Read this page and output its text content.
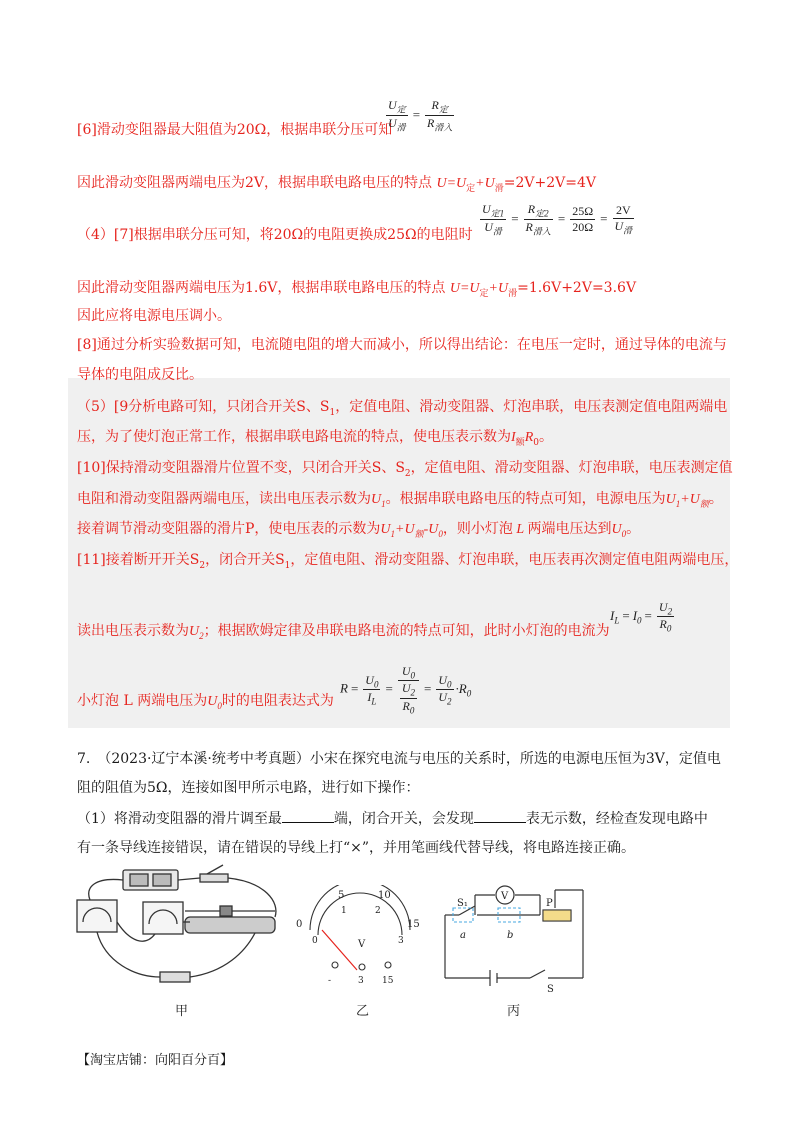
[6]滑动变阻器最大阻值为20Ω，根据串联分压可知
$\frac{U_定}{U_滑} = \frac{R_定}{R_{滑入}}$
因此滑动变阻器两端电压为2V，根据串联电路电压的特点 $U=U_定+U_滑=2V+2V=4V$
（4）[7]根据串联分压可知，将20Ω的电阻更换成25Ω的电阻时 $\frac{U_{定1}}{U_滑} = \frac{R_{定2}}{R_{滑入}} = \frac{25\Omega}{20\Omega} = \frac{2V}{U_滑}$
因此滑动变阻器两端电压为1.6V，根据串联电路电压的特点 $U=U_定+U_滑=1.6V+2V=3.6V$
因此应将电源电压调小。
[8]通过分析实验数据可知，电流随电阻的增大而减小，所以得出结论：在电压一定时，通过导体的电流与
导体的电阻成反比。
（5）[9分析电路可知，只闭合开关S、$S_1$，定值电阻、滑动变阻器、灯泡串联，电压表测定值电阻两端电
压，为了使灯泡正常工作，根据串联电路电流的特点，使电压表示数为$I_额R_0$。
[10]保持滑动变阻器滑片位置不变，只闭合开关S、$S_2$，定值电阻、滑动变阻器、灯泡串联，电压表测定值
电阻和滑动变阻器两端电压，读出电压表示数为$U_1$。根据串联电路电压的特点可知，电源电压为$U_1+U_额$。
接着调节滑动变阻器的滑片P，使电压表的示数为$U_1+U_额-U_0$，则小灯泡 L 两端电压达到$U_0$。
[11]接着断开开关$S_2$，闭合开关$S_1$，定值电阻、滑动变阻器、灯泡串联，电压表再次测定值电阻两端电压，
读出电压表示数为$U_2$；根据欧姆定律及串联电路电流的特点可知，此时小灯泡的电流为
$I_L = I_0 = \frac{U_2}{R_0}$
小灯泡 L 两端电压为$U_0$时的电阻表达式为
$R = \frac{U_0}{I_L} = \frac{U_0}{\frac{U_2}{R_0}} = \frac{U_0}{U_2} \cdot R_0$
7.　（2023·辽宁本溪·统考中考真题）小宋在探究电流与电压的关系时，所选的电源电压恒为3V，定值电
阻的阻值为5Ω，连接如图甲所示电路，进行如下操作：
（1）将滑动变阻器的滑片调至最	端，闭合开关，会发现	表无示数，经检查发现电路中
有一条导线连接错误，请在错误的导线上打“×”，并用笔画线代替导线，将电路连接正确。
甲
0
5	10
15
0
1	2
3
V
-	3 15
乙
V
S₁	P
a	b
S
丙
【淘宝店铺：向阳百分百】
